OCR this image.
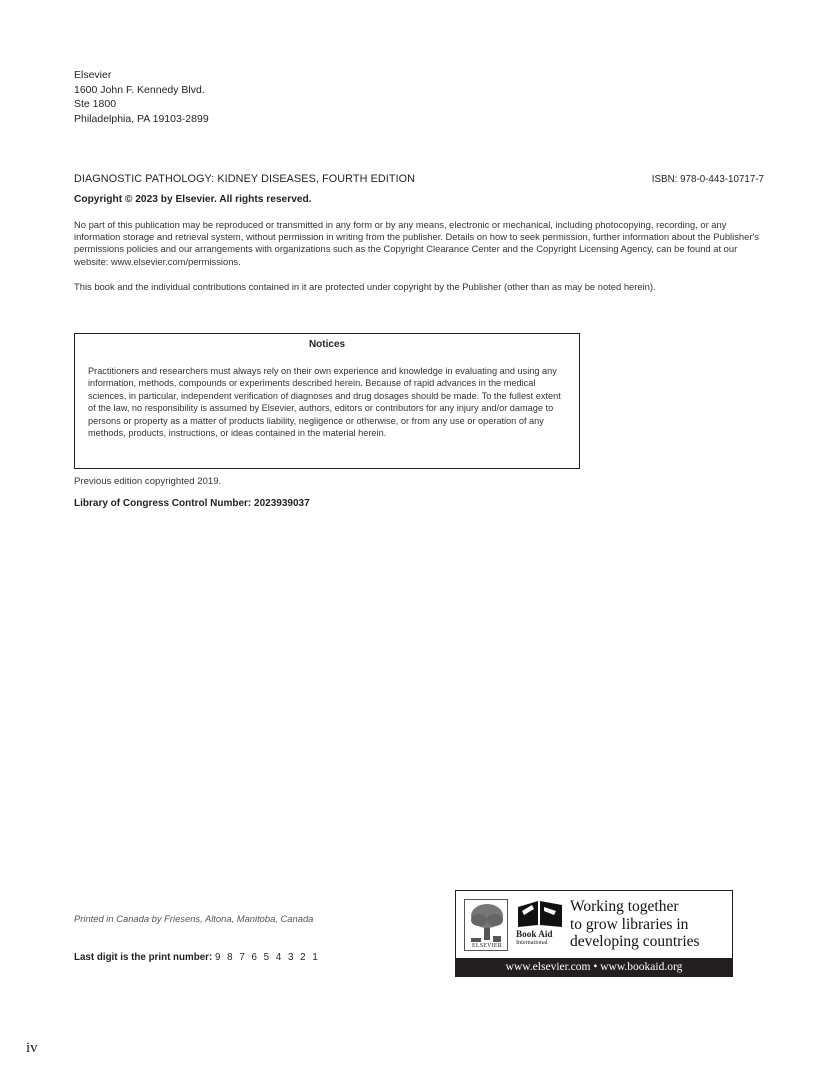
Elsevier
1600 John F. Kennedy Blvd.
Ste 1800
Philadelphia, PA 19103-2899
DIAGNOSTIC PATHOLOGY: KIDNEY DISEASES, FOURTH EDITION	ISBN: 978-0-443-10717-7
Copyright © 2023 by Elsevier. All rights reserved.

No part of this publication may be reproduced or transmitted in any form or by any means, electronic or mechanical, including photocopying, recording, or any information storage and retrieval system, without permission in writing from the publisher. Details on how to seek permission, further information about the Publisher's permissions policies and our arrangements with organizations such as the Copyright Clearance Center and the Copyright Licensing Agency, can be found at our website: www.elsevier.com/permissions.

This book and the individual contributions contained in it are protected under copyright by the Publisher (other than as may be noted herein).

Notices

Practitioners and researchers must always rely on their own experience and knowledge in evaluating and using any information, methods, compounds or experiments described herein. Because of rapid advances in the medical sciences, in particular, independent verification of diagnoses and drug dosages should be made. To the fullest extent of the law, no responsibility is assumed by Elsevier, authors, editors or contributors for any injury and/or damage to persons or property as a matter of products liability, negligence or otherwise, or from any use or operation of any methods, products, instructions, or ideas contained in the material herein.

Previous edition copyrighted 2019.
Library of Congress Control Number: 2023939037
Printed in Canada by Friesens, Altona, Manitoba, Canada
Last digit is the print number: 9 8 7 6 5 4 3 2 1
ELSEVIER
Book Aid
International
Working together
to grow libraries in
developing countries
www.elsevier.com • www.bookaid.org
iv
